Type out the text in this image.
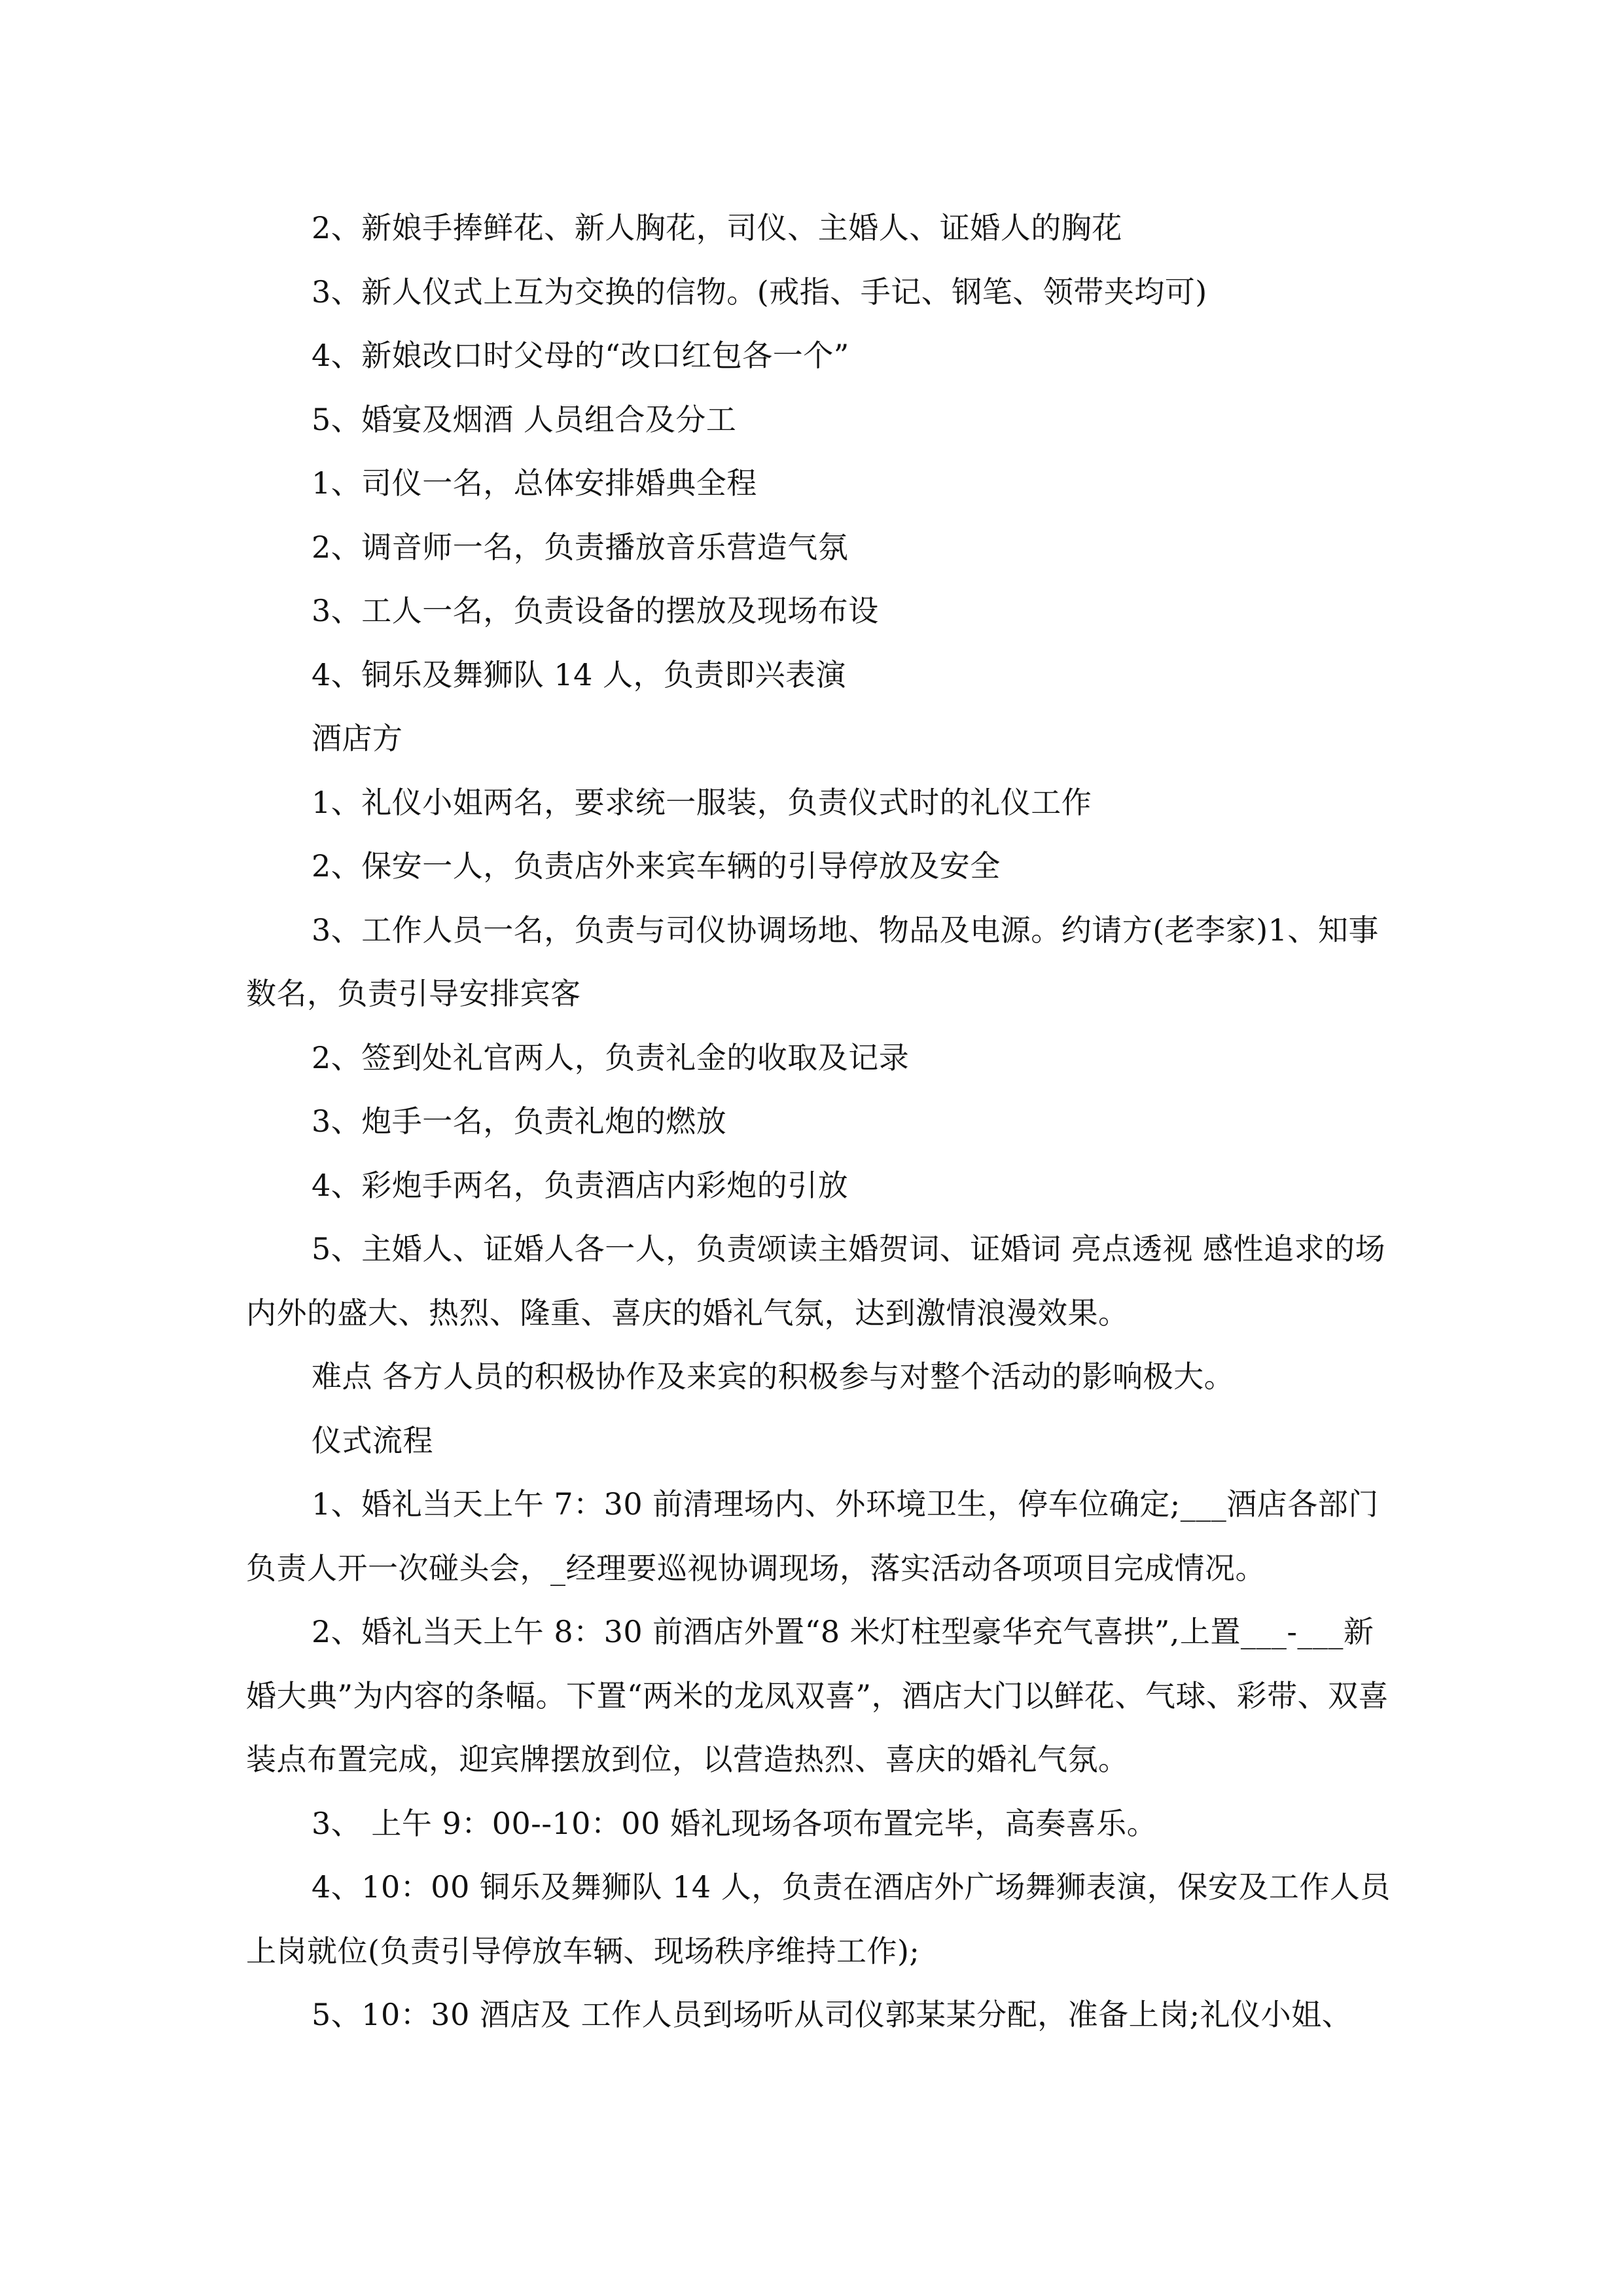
2、新娘手捧鲜花、新人胸花，司仪、主婚人、证婚人的胸花

3、新人仪式上互为交换的信物。(戒指、手记、钢笔、领带夹均可)

4、新娘改口时父母的“改口红包各一个”

5、婚宴及烟酒 人员组合及分工

1、司仪一名，总体安排婚典全程

2、调音师一名，负责播放音乐营造气氛

3、工人一名，负责设备的摆放及现场布设

4、铜乐及舞狮队 14 人，负责即兴表演

酒店方

1、礼仪小姐两名，要求统一服装，负责仪式时的礼仪工作

2、保安一人，负责店外来宾车辆的引导停放及安全

3、工作人员一名，负责与司仪协调场地、物品及电源。约请方(老李家)1、知事数名，负责引导安排宾客

2、签到处礼官两人，负责礼金的收取及记录

3、炮手一名，负责礼炮的燃放

4、彩炮手两名，负责酒店内彩炮的引放

5、主婚人、证婚人各一人，负责颂读主婚贺词、证婚词 亮点透视 感性追求的场内外的盛大、热烈、隆重、喜庆的婚礼气氛，达到激情浪漫效果。

难点 各方人员的积极协作及来宾的积极参与对整个活动的影响极大。

仪式流程

1、婚礼当天上午 7：30 前清理场内、外环境卫生，停车位确定;___酒店各部门负责人开一次碰头会，_经理要巡视协调现场，落实活动各项项目完成情况。

2、婚礼当天上午 8：30 前酒店外置“8 米灯柱型豪华充气喜拱”,上置___-___新婚大典”为内容的条幅。下置“两米的龙凤双喜”，酒店大门以鲜花、气球、彩带、双喜装点布置完成，迎宾牌摆放到位，以营造热烈、喜庆的婚礼气氛。

3、 上午 9：00--10：00 婚礼现场各项布置完毕，高奏喜乐。

4、10：00 铜乐及舞狮队 14 人，负责在酒店外广场舞狮表演，保安及工作人员上岗就位(负责引导停放车辆、现场秩序维持工作);

5、10：30 酒店及 工作人员到场听从司仪郭某某分配，准备上岗;礼仪小姐、
